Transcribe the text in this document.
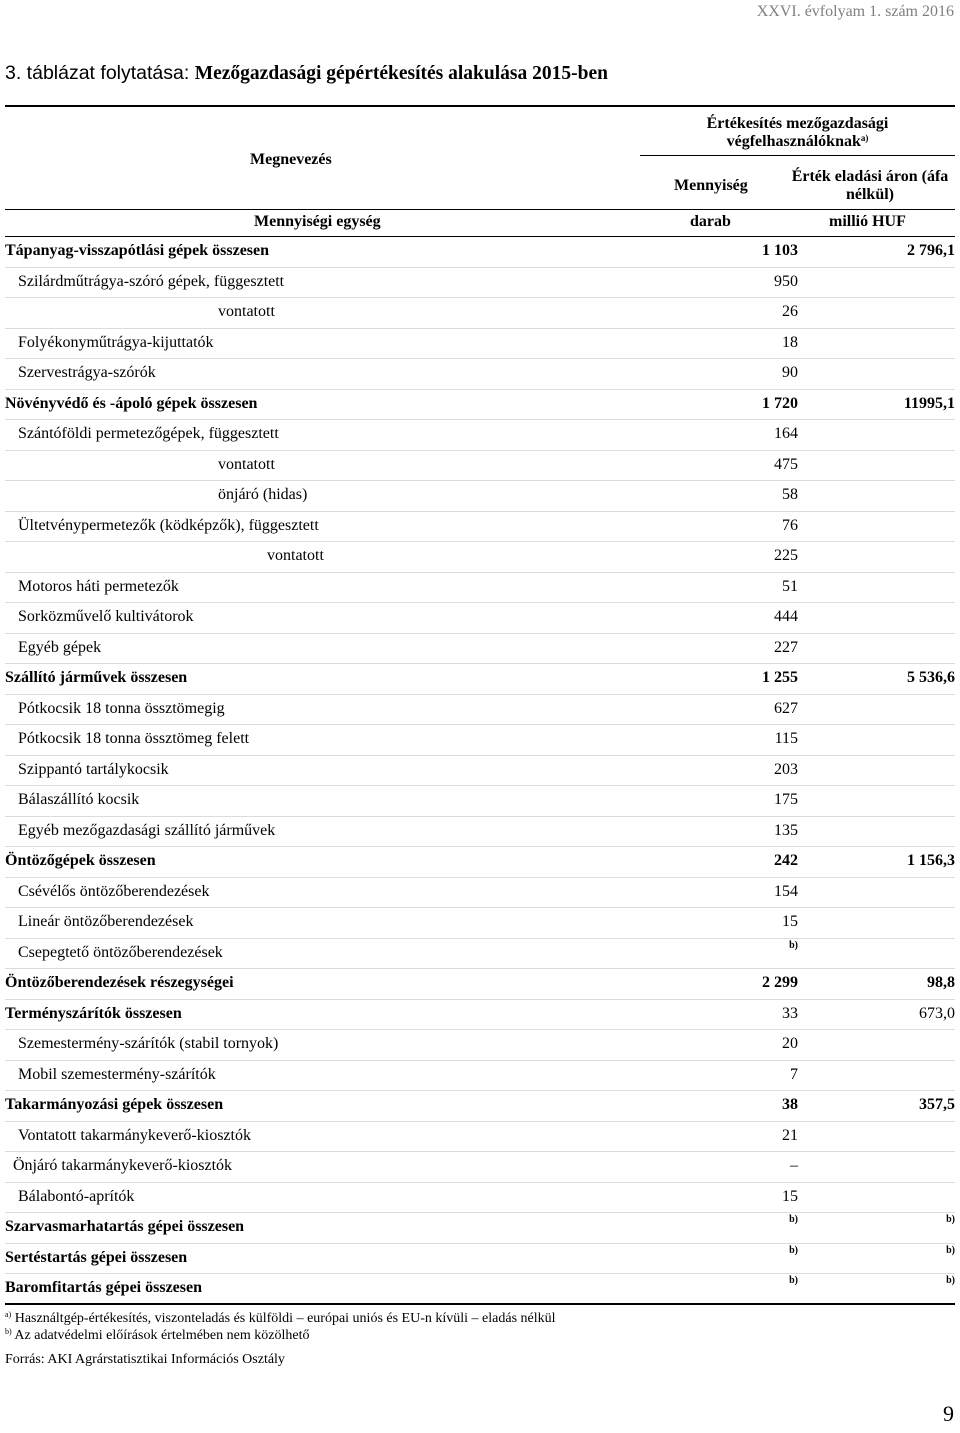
XXVI. évfolyam 1. szám 2016
3. táblázat folytatása: Mezőgazdasági gépértékesítés alakulása 2015-ben
Megnevezés
Értékesítés mezőgazdasági
végfelhasználóknak$^{a)}$
Mennyiség
Érték eladási áron (áfa
nélkül)
Mennyiségi egység	darab	millió HUF
Tápanyag-visszapótlási gépek összesen	1 103	2 796,1
Szilárdműtrágya-szóró gépek, függesztett	950
vontatott	26
Folyékonyműtrágya-kijuttatók	18
Szervestrágya-szórók	90
Növényvédő és -ápoló gépek összesen	1 720	11995,1
Szántóföldi permetezőgépek, függesztett	164
vontatott	475
önjáró (hidas)	58
Ültetvénypermetezők (ködképzők), függesztett	76
vontatott	225
Motoros háti permetezők	51
Sorközművelő kultivátorok	444
Egyéb gépek	227
Szállító járművek összesen	1 255	5 536,6
Pótkocsik 18 tonna össztömegig	627
Pótkocsik 18 tonna össztömeg felett	115
Szippantó tartálykocsik	203
Bálaszállító kocsik	175
Egyéb mezőgazdasági szállító járművek	135
Öntözőgépek összesen	242	1 156,3
Csévélős öntözőberendezések	154
Lineár öntözőberendezések	15
Csepegtető öntözőberendezések	b)
Öntözőberendezések részegységei	2 299	98,8
Terményszárítók összesen	33	673,0
Szemestermény-szárítók (stabil tornyok)	20
Mobil szemestermény-szárítók	7
Takarmányozási gépek összesen	38	357,5
Vontatott takarmánykeverő-kiosztók	21
Önjáró takarmánykeverő-kiosztók	–
Bálabontó-aprítók	15
Szarvasmarhatartás gépei összesen	b)	b)
Sertéstartás gépei összesen	b)	b)
Baromfitartás gépei összesen	b)	b)
$^{a)}$ Használtgép-értékesítés, viszonteladás és külföldi – európai uniós és EU-n kívüli – eladás nélkül
$^{b)}$ Az adatvédelmi előírások értelmében nem közölhető
Forrás: AKI Agrárstatisztikai Információs Osztály
9
